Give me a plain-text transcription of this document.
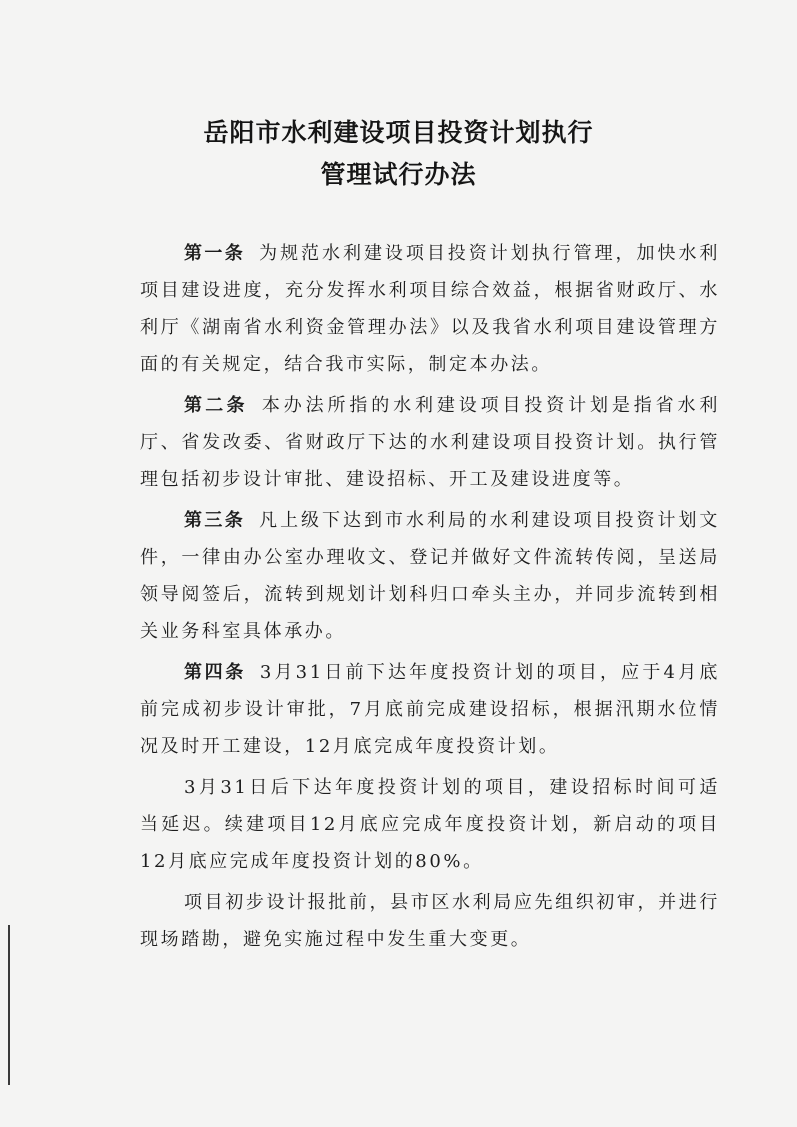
岳阳市水利建设项目投资计划执行
管理试行办法

第一条 为规范水利建设项目投资计划执行管理，加快水利项目建设进度，充分发挥水利项目综合效益，根据省财政厅、水利厅《湖南省水利资金管理办法》以及我省水利项目建设管理方面的有关规定，结合我市实际，制定本办法。

第二条 本办法所指的水利建设项目投资计划是指省水利厅、省发改委、省财政厅下达的水利建设项目投资计划。执行管理包括初步设计审批、建设招标、开工及建设进度等。

第三条 凡上级下达到市水利局的水利建设项目投资计划文件，一律由办公室办理收文、登记并做好文件流转传阅，呈送局领导阅签后，流转到规划计划科归口牵头主办，并同步流转到相关业务科室具体承办。

第四条 3月31日前下达年度投资计划的项目，应于4月底前完成初步设计审批，7月底前完成建设招标，根据汛期水位情况及时开工建设，12月底完成年度投资计划。

3月31日后下达年度投资计划的项目，建设招标时间可适当延迟。续建项目12月底应完成年度投资计划，新启动的项目12月底应完成年度投资计划的80%。

项目初步设计报批前，县市区水利局应先组织初审，并进行现场踏勘，避免实施过程中发生重大变更。
